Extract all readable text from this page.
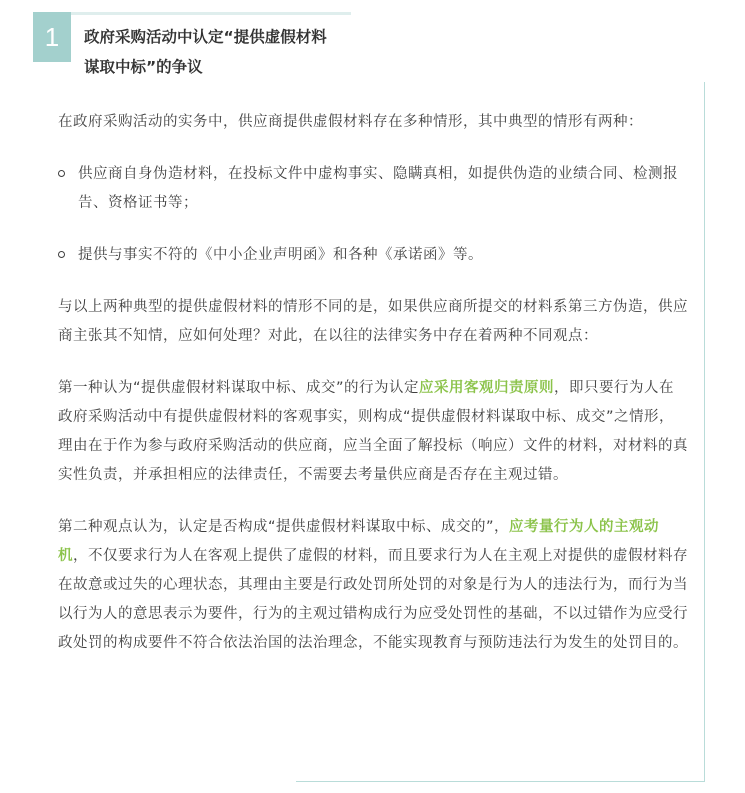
1	政府采购活动中认定“提供虚假材料
谋取中标”的争议

在政府采购活动的实务中，供应商提供虚假材料存在多种情形，其中典型的情形有两种：

供应商自身伪造材料，在投标文件中虚构事实、隐瞒真相，如提供伪造的业绩合同、检测报告、资格证书等；
提供与事实不符的《中小企业声明函》和各种《承诺函》等。

与以上两种典型的提供虚假材料的情形不同的是，如果供应商所提交的材料系第三方伪造，供应商主张其不知情，应如何处理？对此，在以往的法律实务中存在着两种不同观点：

第一种认为“提供虚假材料谋取中标、成交”的行为认定应采用客观归责原则，即只要行为人在政府采购活动中有提供虚假材料的客观事实，则构成“提供虚假材料谋取中标、成交”之情形，理由在于作为参与政府采购活动的供应商，应当全面了解投标（响应）文件的材料，对材料的真实性负责，并承担相应的法律责任，不需要去考量供应商是否存在主观过错。

第二种观点认为，认定是否构成“提供虚假材料谋取中标、成交的”，应考量行为人的主观动机，不仅要求行为人在客观上提供了虚假的材料，而且要求行为人在主观上对提供的虚假材料存在故意或过失的心理状态，其理由主要是行政处罚所处罚的对象是行为人的违法行为，而行为当以行为人的意思表示为要件，行为的主观过错构成行为应受处罚性的基础，不以过错作为应受行政处罚的构成要件不符合依法治国的法治理念，不能实现教育与预防违法行为发生的处罚目的。
